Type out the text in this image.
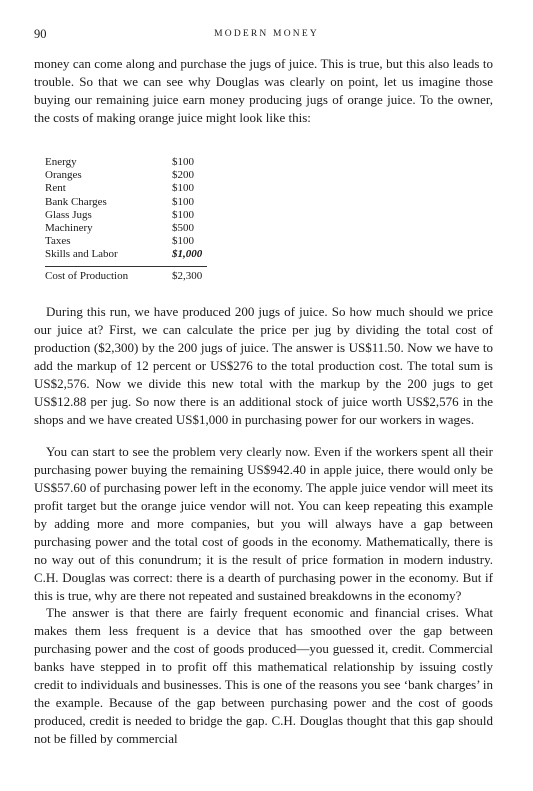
90	MODERN MONEY

money can come along and purchase the jugs of juice. This is true, but this also leads to trouble. So that we can see why Douglas was clearly on point, let us imagine those buying our remaining juice earn money producing jugs of orange juice. To the owner, the costs of making orange juice might look like this:

Energy	$100
Oranges	$200
Rent	$100
Bank Charges	$100
Glass Jugs	$100
Machinery	$500
Taxes	$100
Skills and Labor	$1,000
Cost of Production	$2,300

During this run, we have produced 200 jugs of juice. So how much should we price our juice at? First, we can calculate the price per jug by dividing the total cost of production ($2,300) by the 200 jugs of juice. The answer is US$11.50. Now we have to add the markup of 12 percent or US$276 to the total production cost. The total sum is US$2,576. Now we divide this new total with the markup by the 200 jugs to get US$12.88 per jug. So now there is an additional stock of juice worth US$2,576 in the shops and we have created US$1,000 in purchasing power for our workers in wages.

You can start to see the problem very clearly now. Even if the workers spent all their purchasing power buying the remaining US$942.40 in apple juice, there would only be US$57.60 of purchasing power left in the economy. The apple juice vendor will meet its profit target but the orange juice vendor will not. You can keep repeating this example by adding more and more companies, but you will always have a gap between purchasing power and the total cost of goods in the economy. Mathematically, there is no way out of this conundrum; it is the result of price formation in modern industry. C.H. Douglas was correct: there is a dearth of purchasing power in the economy. But if this is true, why are there not repeated and sustained breakdowns in the economy?

The answer is that there are fairly frequent economic and financial crises. What makes them less frequent is a device that has smoothed over the gap between purchasing power and the cost of goods produced—you guessed it, credit. Commercial banks have stepped in to profit off this mathematical relationship by issuing costly credit to individuals and businesses. This is one of the reasons you see ‘bank charges’ in the example. Because of the gap between purchasing power and the cost of goods produced, credit is needed to bridge the gap. C.H. Douglas thought that this gap should not be filled by commercial
